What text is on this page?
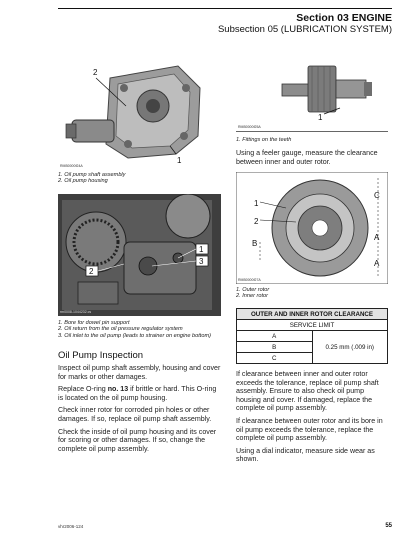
Section 03 ENGINE
Subsection 05 (LUBRICATION SYSTEM)
2
1
RMB0000f24A
1. Oil pump shaft assembly
2. Oil pump housing
1
RMB0000f25A
1. Fittings on the teeth
Using a feeler gauge, measure the clearance between inner and outer rotor.
1
2
B
C
A
A
RMB0000f27A
1. Outer rotor
2. Inner rotor
1
3
2
rm0008-1044232.cs
1. Bore for dowel pin support
2. Oil return from the oil pressure regulator system
3. Oil inlet to the oil pump (leads to strainer on engine bottom)
OUTER AND INNER ROTOR CLEARANCE
SERVICE LIMIT
A	0.25 mm (.009 in)
B
C
Oil Pump Inspection

Inspect oil pump shaft assembly, housing and cover for marks or other damages.

Replace O-ring no. 13 if brittle or hard. This O-ring is located on the oil pump housing.

Check inner rotor for corroded pin holes or other damages. If so, replace oil pump shaft assembly.

Check the inside of oil pump housing and its cover for scoring or other damages. If so, change the complete oil pump assembly.

If clearance between inner and outer rotor exceeds the tolerance, replace oil pump shaft assembly. Ensure to also check oil pump housing and cover. If damaged, replace the complete oil pump assembly.

If clearance between outer rotor and its bore in oil pump exceeds the tolerance, replace the complete oil pump assembly.

Using a dial indicator, measure side wear as shown.

vhr2006-124	55
